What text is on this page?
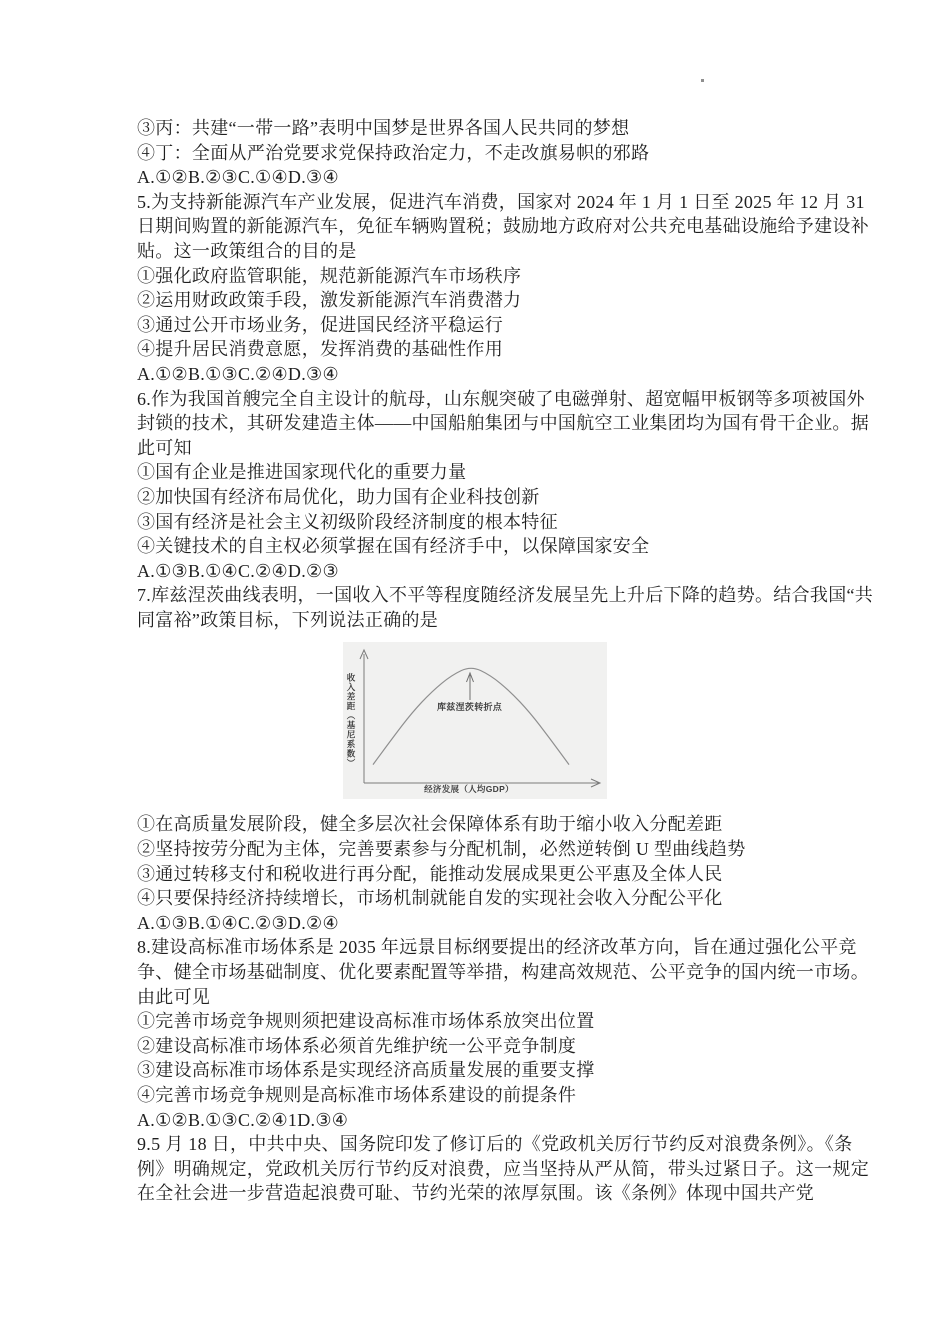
③丙：共建“一带一路”表明中国梦是世界各国人民共同的梦想
④丁：全面从严治党要求党保持政治定力，不走改旗易帜的邪路
A.①②B.②③C.①④D.③④
5.为支持新能源汽车产业发展，促进汽车消费，国家对 2024 年 1 月 1 日至 2025 年 12 月 31
日期间购置的新能源汽车，免征车辆购置税；鼓励地方政府对公共充电基础设施给予建设补
贴。这一政策组合的目的是
①强化政府监管职能，规范新能源汽车市场秩序
②运用财政政策手段，激发新能源汽车消费潜力
③通过公开市场业务，促进国民经济平稳运行
④提升居民消费意愿，发挥消费的基础性作用
A.①②B.①③C.②④D.③④
6.作为我国首艘完全自主设计的航母，山东舰突破了电磁弹射、超宽幅甲板钢等多项被国外
封锁的技术，其研发建造主体——中国船舶集团与中国航空工业集团均为国有骨干企业。据
此可知
①国有企业是推进国家现代化的重要力量
②加快国有经济布局优化，助力国有企业科技创新
③国有经济是社会主义初级阶段经济制度的根本特征
④关键技术的自主权必须掌握在国有经济手中，以保障国家安全
A.①③B.①④C.②④D.②③
7.库兹涅茨曲线表明，一国收入不平等程度随经济发展呈先上升后下降的趋势。结合我国“共
同富裕”政策目标，下列说法正确的是
收入差距（基尼系数）
经济发展（人均GDP）
库兹涅茨转折点
①在高质量发展阶段，健全多层次社会保障体系有助于缩小收入分配差距
②坚持按劳分配为主体，完善要素参与分配机制，必然逆转倒 U 型曲线趋势
③通过转移支付和税收进行再分配，能推动发展成果更公平惠及全体人民
④只要保持经济持续增长，市场机制就能自发的实现社会收入分配公平化
A.①③B.①④C.②③D.②④
8.建设高标准市场体系是 2035 年远景目标纲要提出的经济改革方向，旨在通过强化公平竞
争、健全市场基础制度、优化要素配置等举措，构建高效规范、公平竞争的国内统一市场。
由此可见
①完善市场竞争规则须把建设高标准市场体系放突出位置
②建设高标准市场体系必须首先维护统一公平竞争制度
③建设高标准市场体系是实现经济高质量发展的重要支撑
④完善市场竞争规则是高标准市场体系建设的前提条件
A.①②B.①③C.②④1D.③④
9.5 月 18 日，中共中央、国务院印发了修订后的《党政机关厉行节约反对浪费条例》。《条
例》明确规定，党政机关厉行节约反对浪费，应当坚持从严从简，带头过紧日子。这一规定
在全社会进一步营造起浪费可耻、节约光荣的浓厚氛围。该《条例》体现中国共产党
